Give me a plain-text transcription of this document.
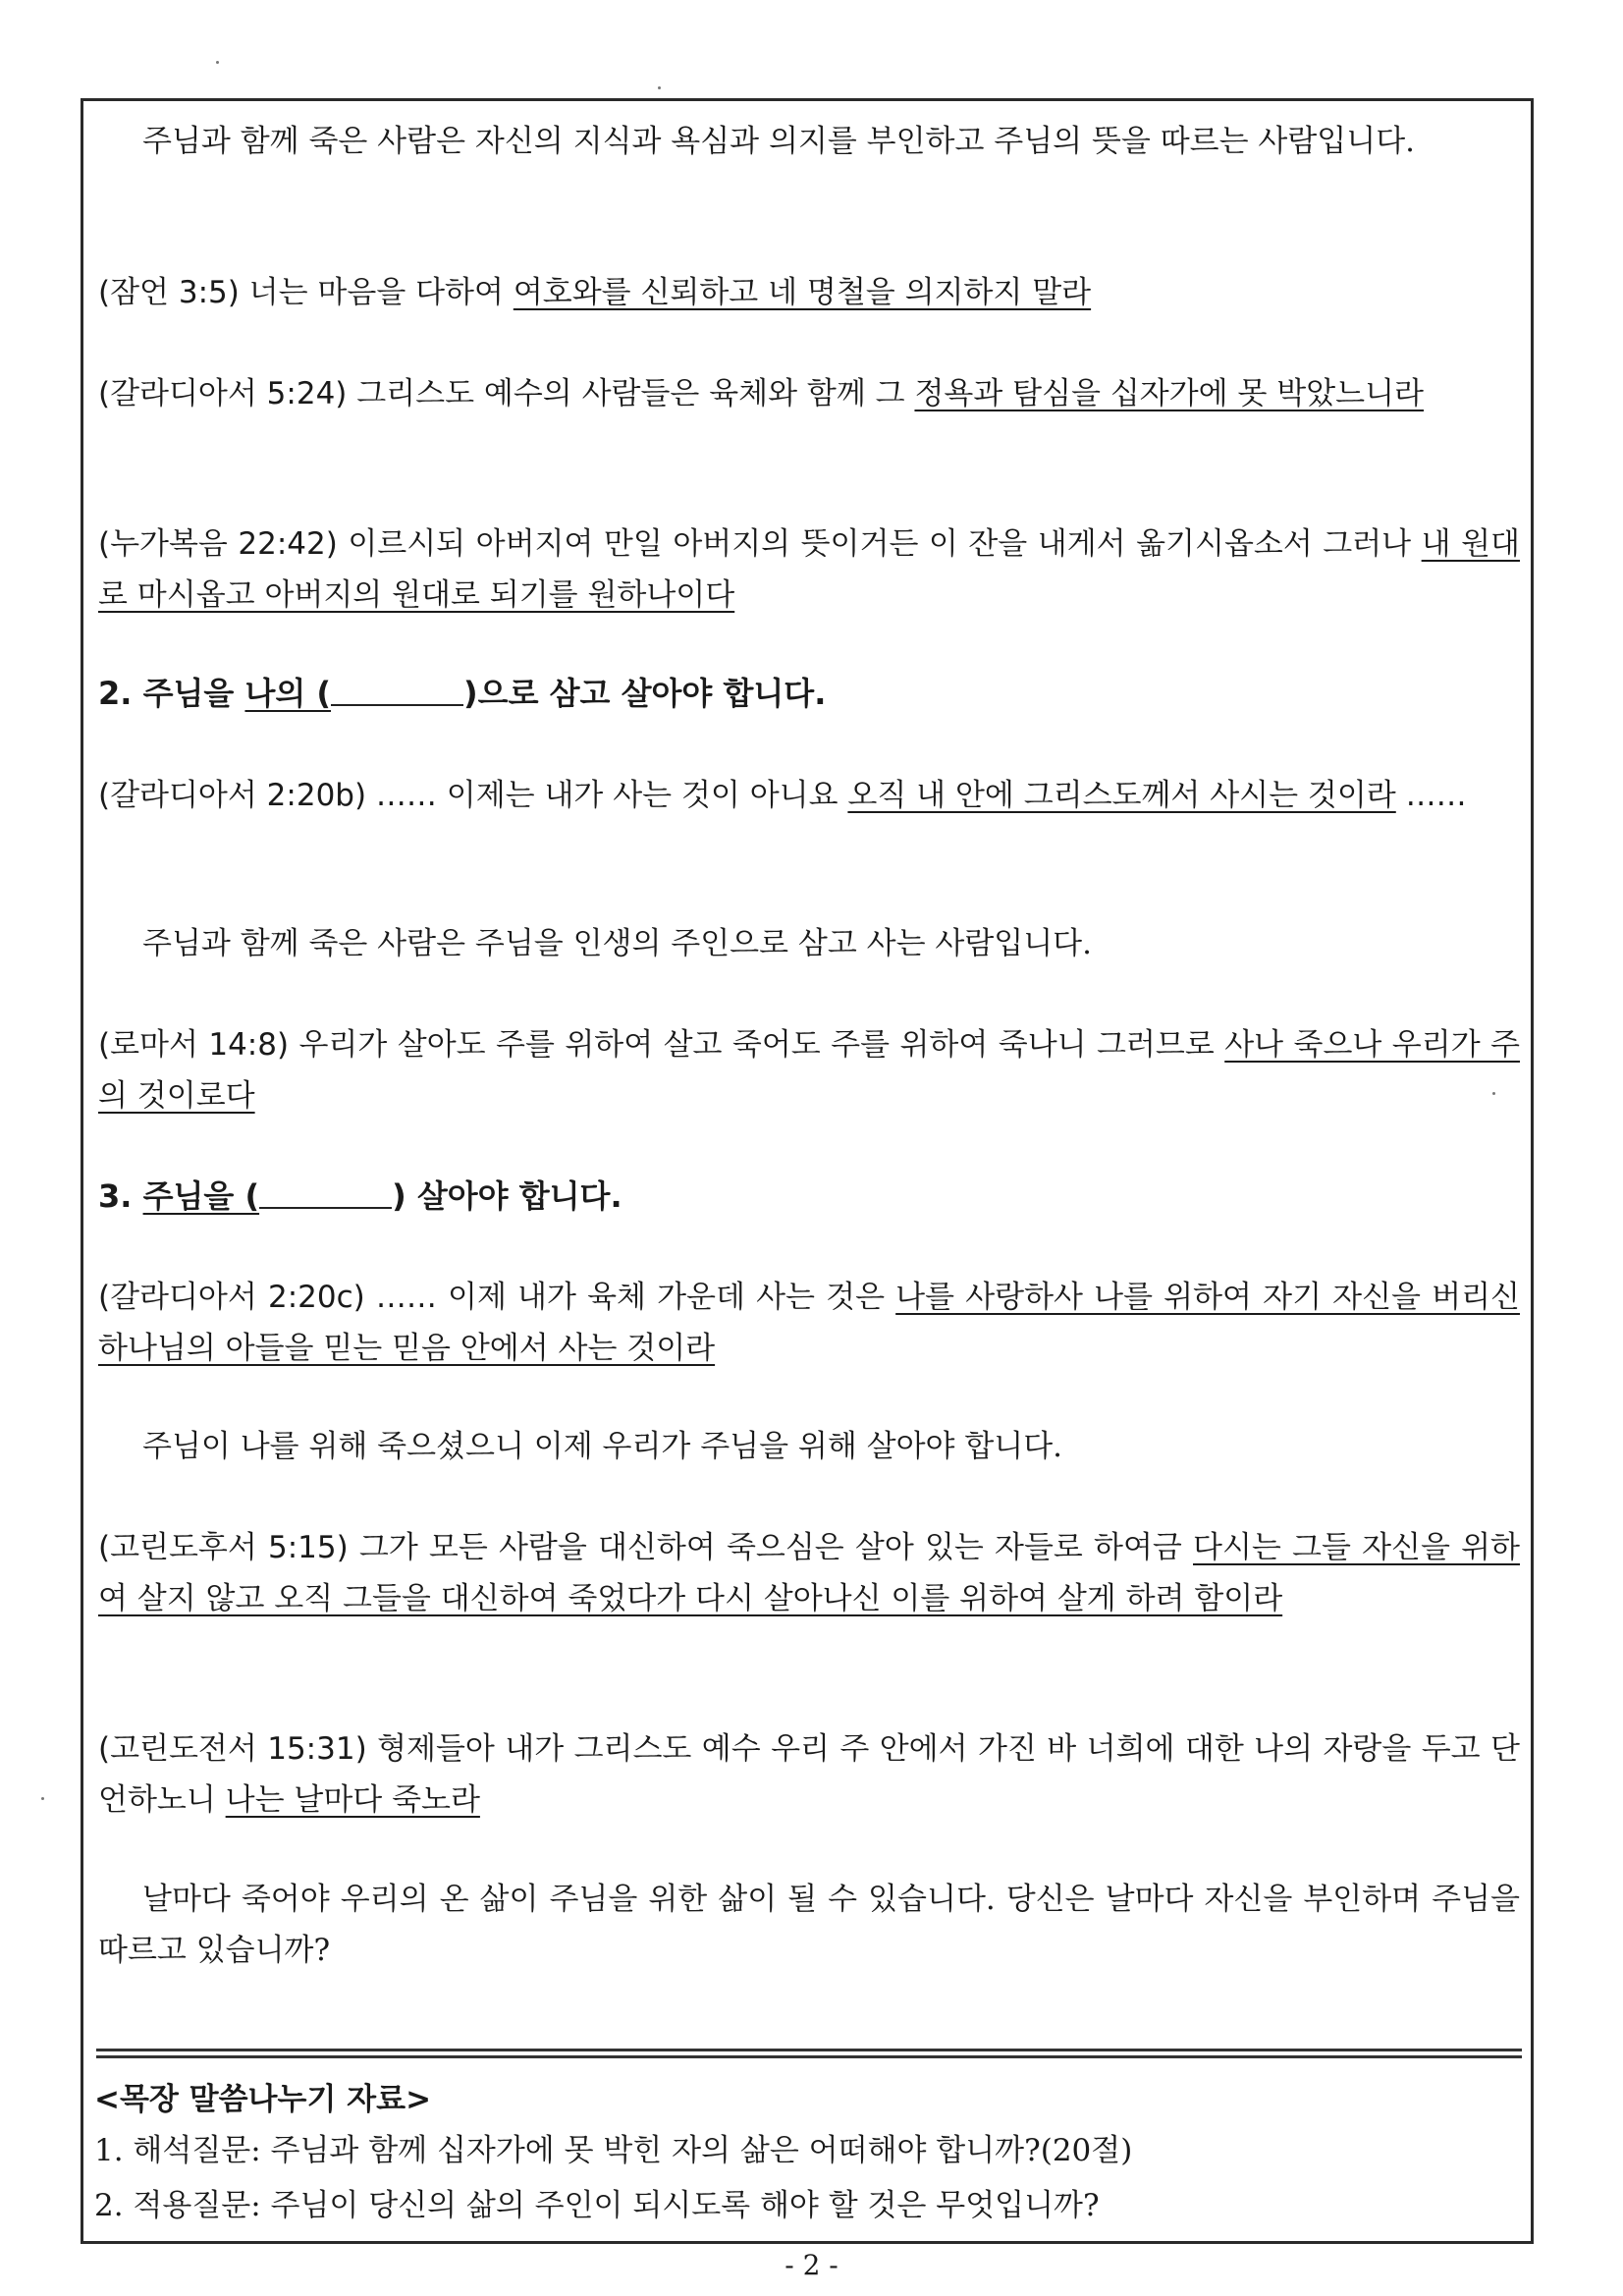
주님과 함께 죽은 사람은 자신의 지식과 욕심과 의지를 부인하고 주님의 뜻을 따르는 사람입니다.
(잠언 3:5) 너는 마음을 다하여 여호와를 신뢰하고 네 명철을 의지하지 말라
(갈라디아서 5:24) 그리스도 예수의 사람들은 육체와 함께 그 정욕과 탐심을 십자가에 못 박았느니라
(누가복음 22:42) 이르시되 아버지여 만일 아버지의 뜻이거든 이 잔을 내게서 옮기시옵소서 그러나 내 원대로 마시옵고 아버지의 원대로 되기를 원하나이다
2. 주님을 나의 (	)으로 삼고 살아야 합니다.
(갈라디아서 2:20b) …… 이제는 내가 사는 것이 아니요 오직 내 안에 그리스도께서 사시는 것이라 ……
주님과 함께 죽은 사람은 주님을 인생의 주인으로 삼고 사는 사람입니다.
(로마서 14:8) 우리가 살아도 주를 위하여 살고 죽어도 주를 위하여 죽나니 그러므로 사나 죽으나 우리가 주의 것이로다
3. 주님을 (	) 살아야 합니다.
(갈라디아서 2:20c) …… 이제 내가 육체 가운데 사는 것은 나를 사랑하사 나를 위하여 자기 자신을 버리신 하나님의 아들을 믿는 믿음 안에서 사는 것이라
주님이 나를 위해 죽으셨으니 이제 우리가 주님을 위해 살아야 합니다.
(고린도후서 5:15) 그가 모든 사람을 대신하여 죽으심은 살아 있는 자들로 하여금 다시는 그들 자신을 위하여 살지 않고 오직 그들을 대신하여 죽었다가 다시 살아나신 이를 위하여 살게 하려 함이라
(고린도전서 15:31) 형제들아 내가 그리스도 예수 우리 주 안에서 가진 바 너희에 대한 나의 자랑을 두고 단언하노니 나는 날마다 죽노라
날마다 죽어야 우리의 온 삶이 주님을 위한 삶이 될 수 있습니다. 당신은 날마다 자신을 부인하며 주님을 따르고 있습니까?
<목장 말씀나누기 자료>
1. 해석질문: 주님과 함께 십자가에 못 박힌 자의 삶은 어떠해야 합니까?(20절)
2. 적용질문: 주님이 당신의 삶의 주인이 되시도록 해야 할 것은 무엇입니까?
- 2 -
